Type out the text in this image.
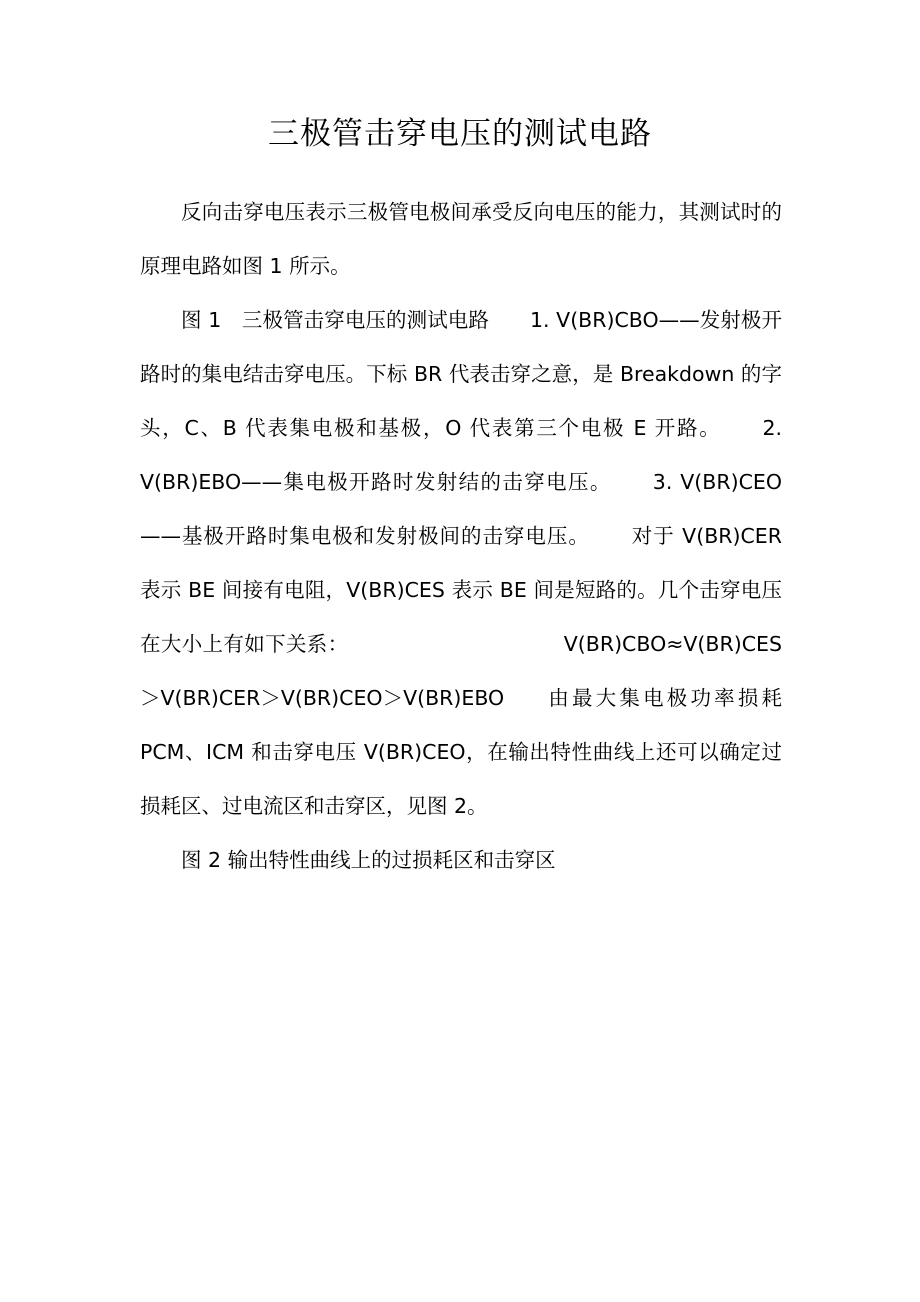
三极管击穿电压的测试电路

反向击穿电压表示三极管电极间承受反向电压的能力，其测试时的原理电路如图 1 所示。

图 1　三极管击穿电压的测试电路 1. V(BR)CBO——发射极开路时的集电结击穿电压。下标 BR 代表击穿之意，是 Breakdown 的字头，C、B 代表集电极和基极，O 代表第三个电极 E 开路。 2. V(BR)EBO——集电极开路时发射结的击穿电压。 3. V(BR)CEO——基极开路时集电极和发射极间的击穿电压。 对于 V(BR)CER 表示 BE 间接有电阻，V(BR)CES 表示 BE 间是短路的。几个击穿电压在大小上有如下关系：	V(BR)CBO≈V(BR)CES＞V(BR)CER＞V(BR)CEO＞V(BR)EBO 由最大集电极功率损耗 PCM、ICM 和击穿电压 V(BR)CEO，在输出特性曲线上还可以确定过损耗区、过电流区和击穿区，见图 2。

图 2 输出特性曲线上的过损耗区和击穿区
